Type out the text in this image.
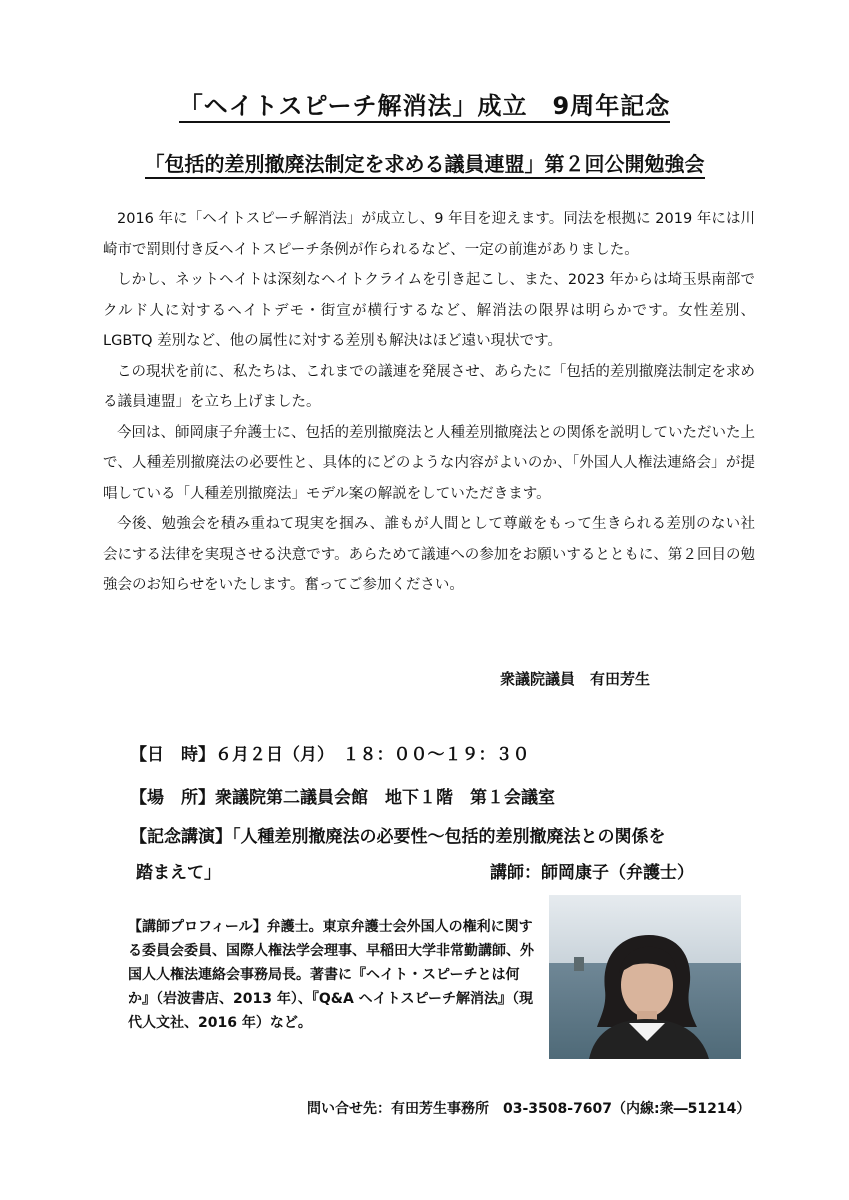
「ヘイトスピーチ解消法」成立　9周年記念
「包括的差別撤廃法制定を求める議員連盟」第２回公開勉強会

2016 年に「ヘイトスピーチ解消法」が成立し、9 年目を迎えます。同法を根拠に 2019 年には川崎市で罰則付き反ヘイトスピーチ条例が作られるなど、一定の前進がありました。

しかし、ネットヘイトは深刻なヘイトクライムを引き起こし、また、2023 年からは埼玉県南部でクルド人に対するヘイトデモ・街宣が横行するなど、解消法の限界は明らかです。女性差別、LGBTQ 差別など、他の属性に対する差別も解決はほど遠い現状です。

この現状を前に、私たちは、これまでの議連を発展させ、あらたに「包括的差別撤廃法制定を求める議員連盟」を立ち上げました。

今回は、師岡康子弁護士に、包括的差別撤廃法と人種差別撤廃法との関係を説明していただいた上で、人種差別撤廃法の必要性と、具体的にどのような内容がよいのか、「外国人人権法連絡会」が提唱している「人種差別撤廃法」モデル案の解説をしていただきます。

今後、勉強会を積み重ねて現実を掴み、誰もが人間として尊厳をもって生きられる差別のない社会にする法律を実現させる決意です。あらためて議連への参加をお願いするとともに、第２回目の勉強会のお知らせをいたします。奮ってご参加ください。

衆議院議員　有田芳生
【日　時】６月２日（月）　１８：００～１９：３０
【場　所】衆議院第二議員会館　地下１階　第１会議室
【記念講演】「人種差別撤廃法の必要性～包括的差別撤廃法との関係を
踏まえて」	講師：師岡康子（弁護士）
【講師プロフィール】弁護士。東京弁護士会外国人の権利に関する委員会委員、国際人権法学会理事、早稲田大学非常勤講師、外国人人権法連絡会事務局長。著書に『ヘイト・スピーチとは何か』（岩波書店、2013 年）、『Q&A ヘイトスピーチ解消法』（現代人文社、2016 年）など。
問い合せ先：有田芳生事務所　03-3508-7607（内線:衆―51214）
